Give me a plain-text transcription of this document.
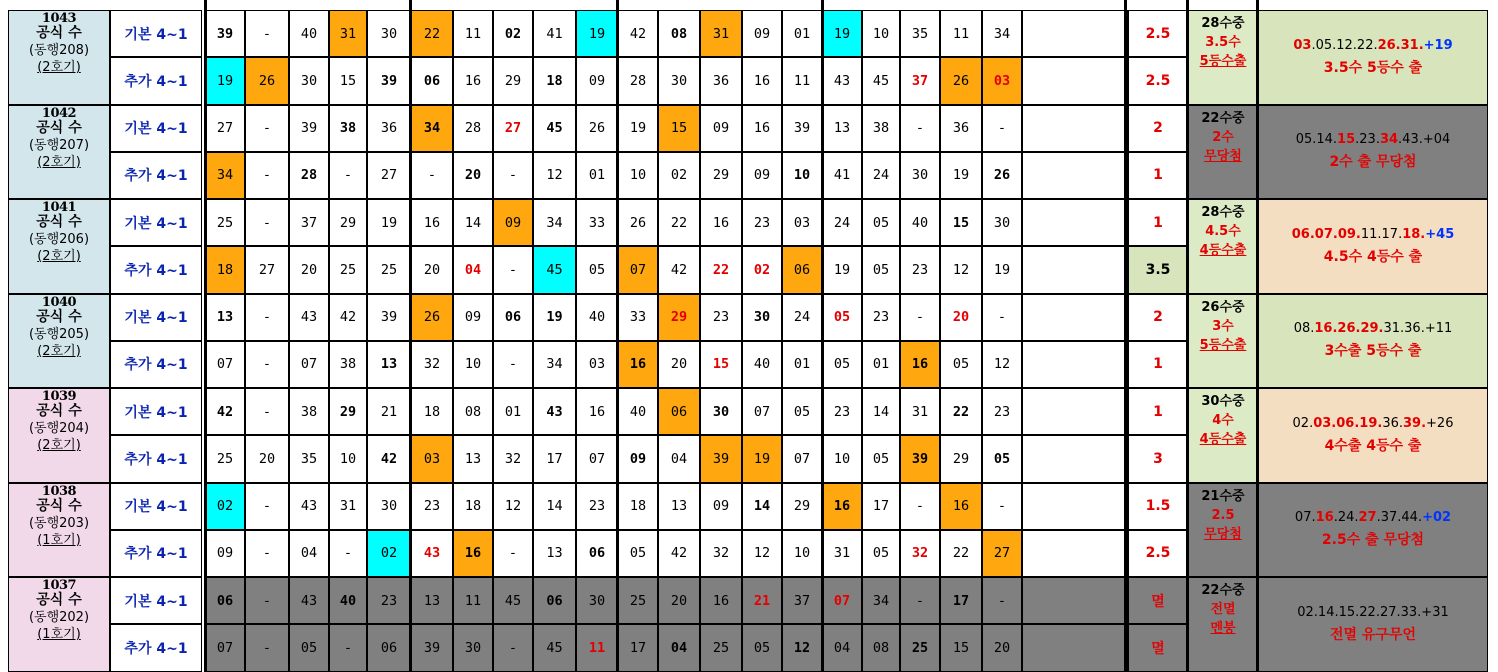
1043
공식 수
(동행208)
(2호기)
기본 4~1	39	-	40	31	30	22	11	02	41	19	42	08	31	09	01	19	10	35	11	34	2.5
추가 4~1	19	26	30	15	39	06	16	29	18	09	28	30	36	16	11	43	45	37	26	03	2.5
28수중
3.5수
5등수출
03.05.12.22.26.31.+19
3.5수 5등수 출
1042
공식 수
(동행207)
(2호기)
기본 4~1	27	-	39	38	36	34	28	27	45	26	19	15	09	16	39	13	38	-	36	-	2
추가 4~1	34	-	28	-	27	-	20	-	12	01	10	02	29	09	10	41	24	30	19	26	1
22수중
2수
무당첨
05.14.15.23.34.43.+04
2수 출 무당첨
1041
공식 수
(동행206)
(2호기)
기본 4~1	25	-	37	29	19	16	14	09	34	33	26	22	16	23	03	24	05	40	15	30	1
추가 4~1	18	27	20	25	25	20	04	-	45	05	07	42	22	02	06	19	05	23	12	19	3.5
28수중
4.5수
4등수출
06.07.09.11.17.18.+45
4.5수 4등수 출
1040
공식 수
(동행205)
(2호기)
기본 4~1	13	-	43	42	39	26	09	06	19	40	33	29	23	30	24	05	23	-	20	-	2
추가 4~1	07	-	07	38	13	32	10	-	34	03	16	20	15	40	01	05	01	16	05	12	1
26수중
3수
5등수출
08.16.26.29.31.36.+11
3수출 5등수 출
1039
공식 수
(동행204)
(2호기)
기본 4~1	42	-	38	29	21	18	08	01	43	16	40	06	30	07	05	23	14	31	22	23	1
추가 4~1	25	20	35	10	42	03	13	32	17	07	09	04	39	19	07	10	05	39	29	05	3
30수중
4수
4등수출
02.03.06.19.36.39.+26
4수출 4등수 출
1038
공식 수
(동행203)
(1호기)
기본 4~1	02	-	43	31	30	23	18	12	14	23	18	13	09	14	29	16	17	-	16	-	1.5
추가 4~1	09	-	04	-	02	43	16	-	13	06	05	42	32	12	10	31	05	32	22	27	2.5
21수중
2.5
무당첨
07.16.24.27.37.44.+02
2.5수 출 무당첨
1037
공식 수
(동행202)
(1호기)
기본 4~1	06	-	43	40	23	13	11	45	06	30	25	20	16	21	37	07	34	-	17	-	멸
추가 4~1	07	-	05	-	06	39	30	-	45	11	17	04	25	05	12	04	08	25	15	20	멸
22수중
전멸
멘붕
02.14.15.22.27.33.+31
전멸 유구무언
